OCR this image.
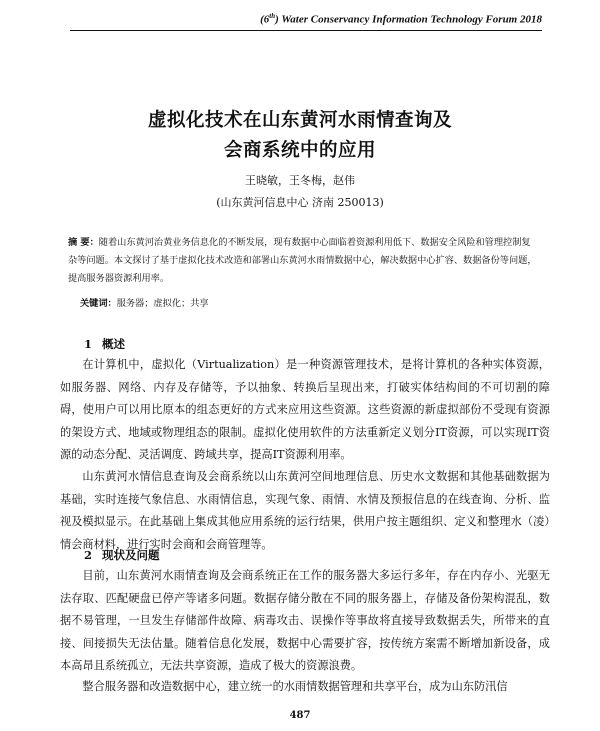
(6th) Water Conservancy Information Technology Forum 2018
虚拟化技术在山东黄河水雨情查询及
会商系统中的应用
王晓敏，王冬梅，赵伟
(山东黄河信息中心 济南 250013)
摘 要：随着山东黄河治黄业务信息化的不断发展，现有数据中心面临着资源利用低下、数据安全风险和管理控制复杂等问题。本文探讨了基于虚拟化技术改造和部署山东黄河水雨情数据中心，解决数据中心扩容、数据备份等问题，提高服务器资源利用率。
关键词：服务器；虚拟化；共享
1 概述
在计算机中，虚拟化（Virtualization）是一种资源管理技术，是将计算机的各种实体资源，如服务器、网络、内存及存储等，予以抽象、转换后呈现出来，打破实体结构间的不可切割的障碍，使用户可以用比原本的组态更好的方式来应用这些资源。这些资源的新虚拟部份不受现有资源的架设方式、地域或物理组态的限制。虚拟化使用软件的方法重新定义划分IT资源，可以实现IT资源的动态分配、灵活调度、跨域共享，提高IT资源利用率。
山东黄河水情信息查询及会商系统以山东黄河空间地理信息、历史水文数据和其他基础数据为基础，实时连接气象信息、水雨情信息，实现气象、雨情、水情及预报信息的在线查询、分析、监视及模拟显示。在此基础上集成其他应用系统的运行结果，供用户按主题组织、定义和整理水（凌）情会商材料，进行实时会商和会商管理等。
2 现状及问题
目前，山东黄河水雨情查询及会商系统正在工作的服务器大多运行多年，存在内存小、光驱无法存取、匹配硬盘已停产等诸多问题。数据存储分散在不同的服务器上，存储及备份架构混乱，数据不易管理，一旦发生存储部件故障、病毒攻击、误操作等事故将直接导致数据丢失，所带来的直接、间接损失无法估量。随着信息化发展，数据中心需要扩容，按传统方案需不断增加新设备，成本高昂且系统孤立，无法共享资源，造成了极大的资源浪费。
整合服务器和改造数据中心，建立统一的水雨情数据管理和共享平台，成为山东防汛信
487
